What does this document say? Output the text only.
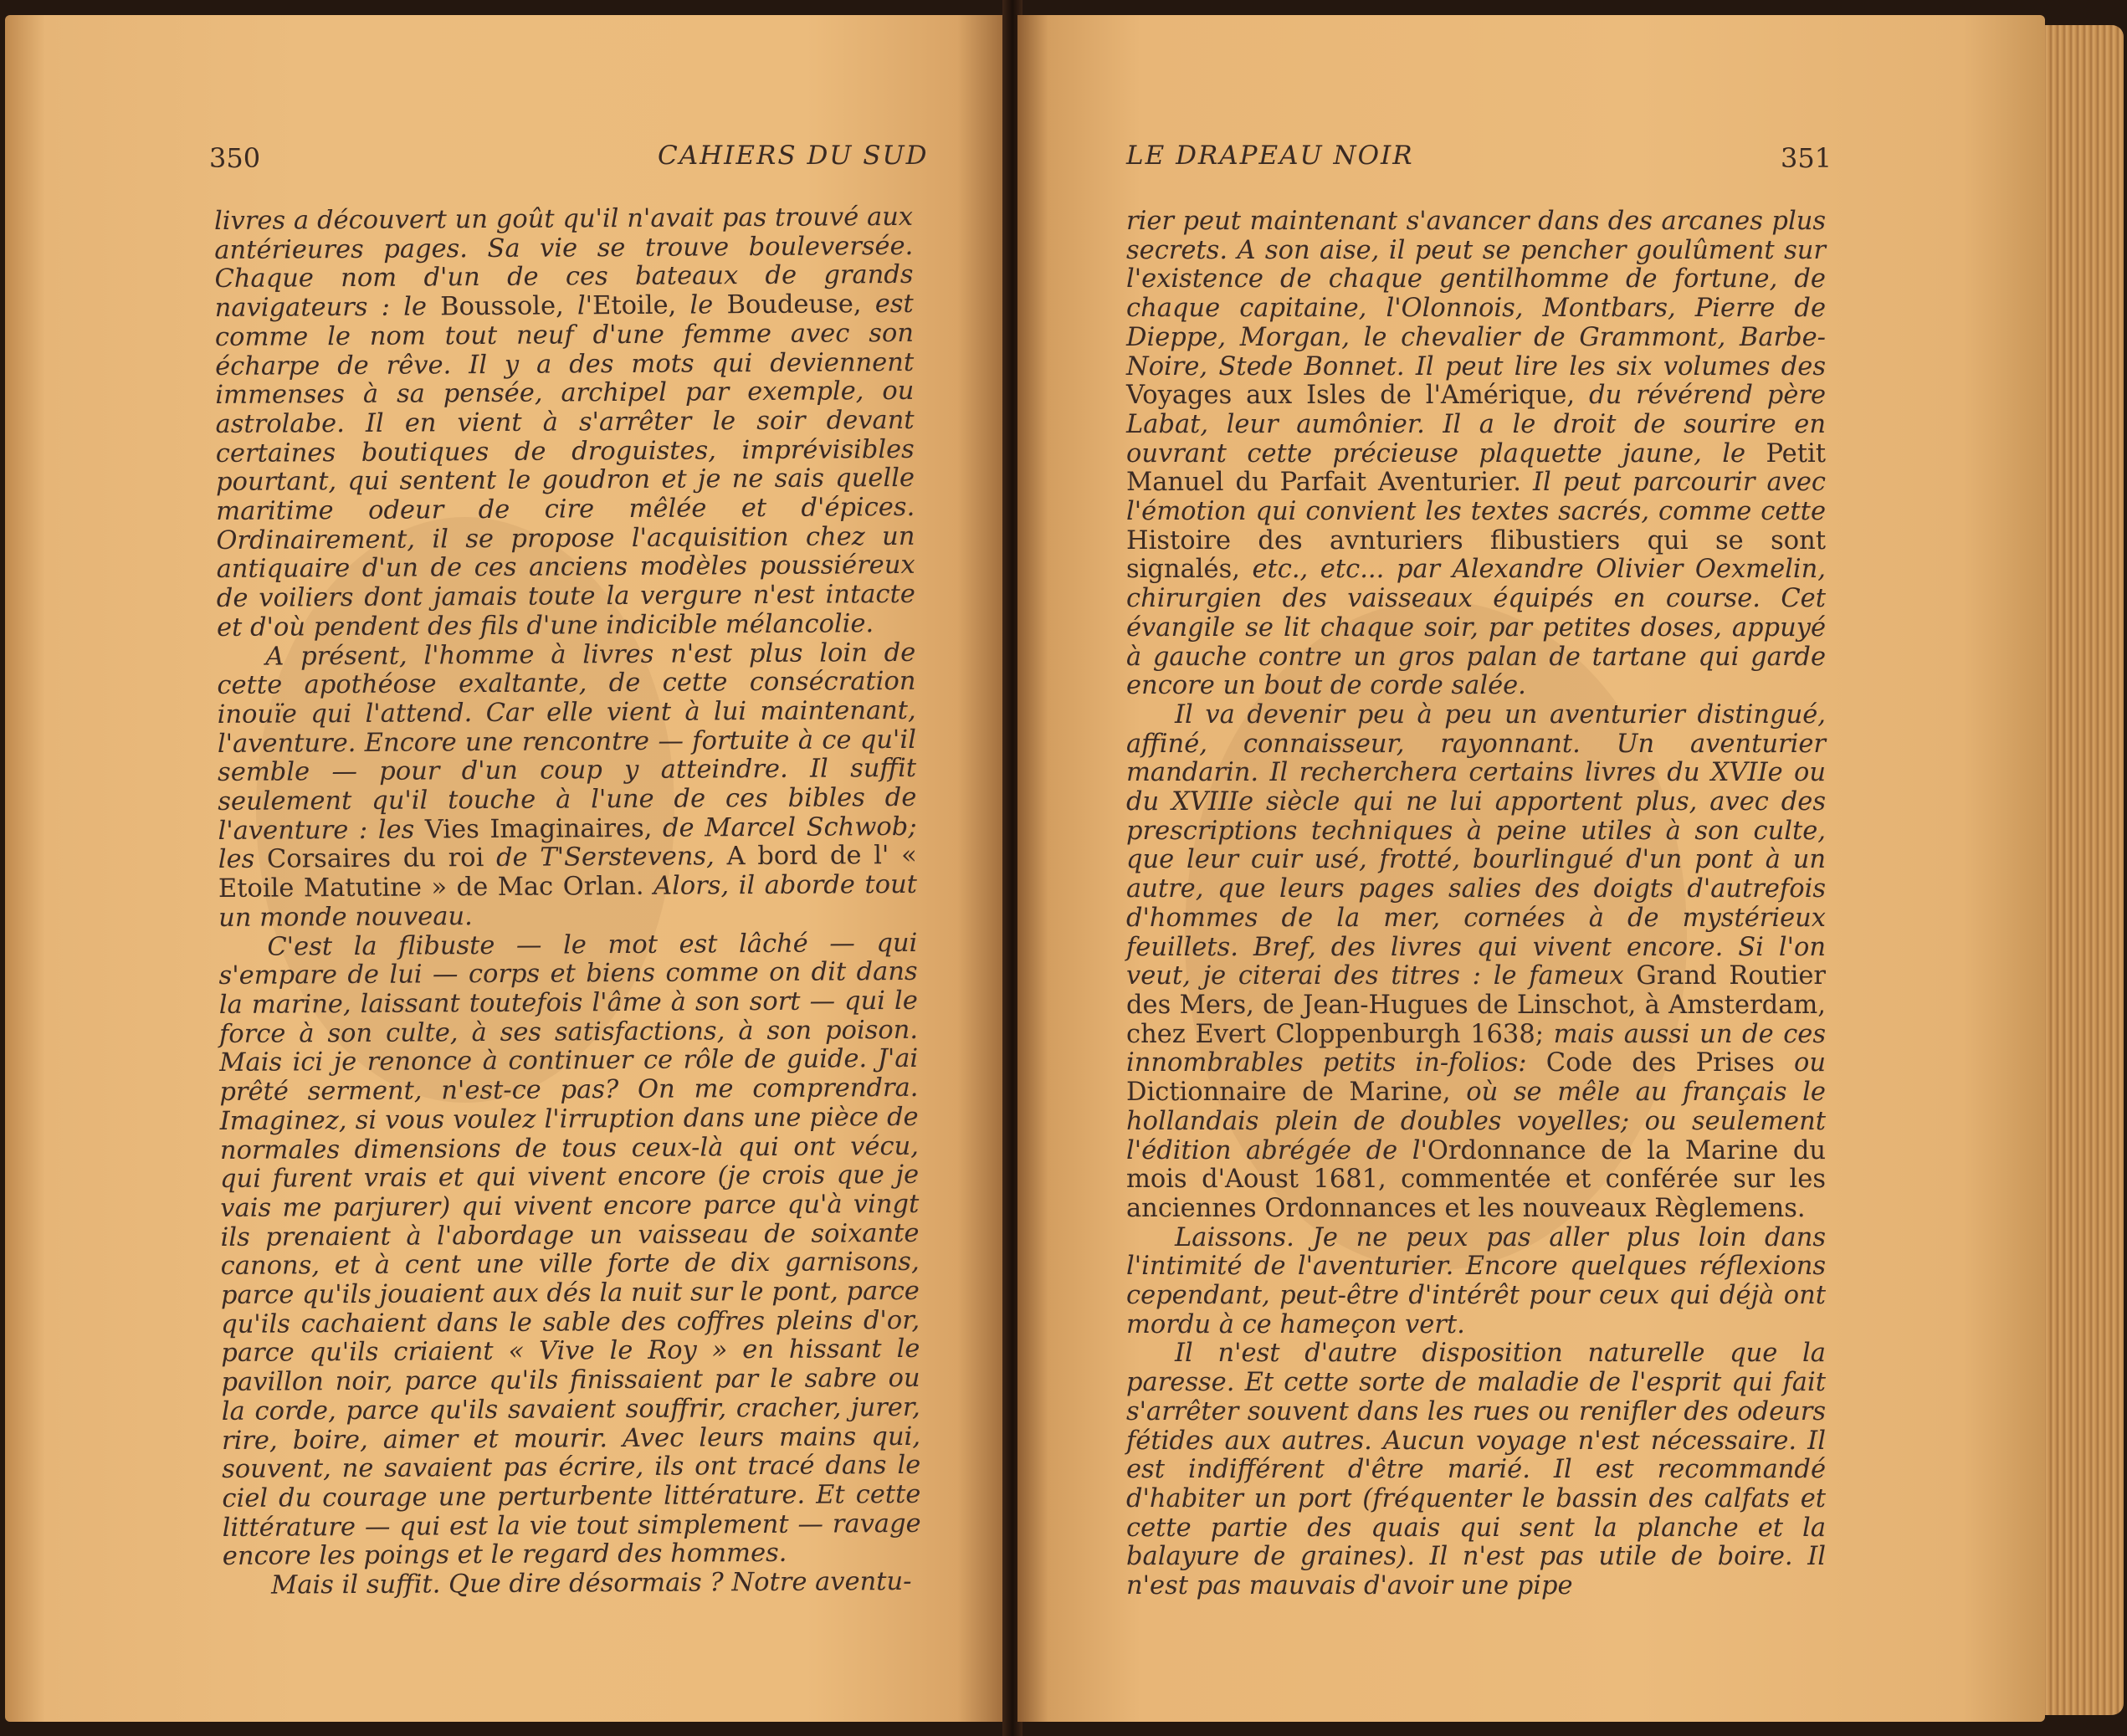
350	CAHIERS DU SUD

livres a découvert un goût qu'il n'avait pas trouvé aux antérieures pages. Sa vie se trouve bouleversée. Chaque nom d'un de ces bateaux de grands navigateurs : le Boussole, l'Etoile, le Boudeuse, est comme le nom tout neuf d'une femme avec son écharpe de rêve. Il y a des mots qui deviennent immenses à sa pensée, archipel par exemple, ou astrolabe. Il en vient à s'arrêter le soir devant certaines boutiques de droguistes, imprévisibles pourtant, qui sentent le goudron et je ne sais quelle maritime odeur de cire mêlée et d'épices. Ordinairement, il se propose l'acquisition chez un antiquaire d'un de ces anciens modèles poussiéreux de voiliers dont jamais toute la vergure n'est intacte et d'où pendent des fils d'une indicible mélancolie.

A présent, l'homme à livres n'est plus loin de cette apothéose exaltante, de cette consécration inouïe qui l'attend. Car elle vient à lui maintenant, l'aventure. Encore une rencontre — fortuite à ce qu'il semble — pour d'un coup y atteindre. Il suffit seulement qu'il touche à l'une de ces bibles de l'aventure : les Vies Imaginaires, de Marcel Schwob; les Corsaires du roi de T'Serstevens, A bord de l' « Etoile Matutine » de Mac Orlan. Alors, il aborde tout un monde nouveau.

C'est la flibuste — le mot est lâché — qui s'empare de lui — corps et biens comme on dit dans la marine, laissant toutefois l'âme à son sort — qui le force à son culte, à ses satisfactions, à son poison. Mais ici je renonce à continuer ce rôle de guide. J'ai prêté serment, n'est-ce pas? On me comprendra. Imaginez, si vous voulez l'irruption dans une pièce de normales dimensions de tous ceux-là qui ont vécu, qui furent vrais et qui vivent encore (je crois que je vais me parjurer) qui vivent encore parce qu'à vingt ils prenaient à l'abordage un vaisseau de soixante canons, et à cent une ville forte de dix garnisons, parce qu'ils jouaient aux dés la nuit sur le pont, parce qu'ils cachaient dans le sable des coffres pleins d'or, parce qu'ils criaient « Vive le Roy » en hissant le pavillon noir, parce qu'ils finissaient par le sabre ou la corde, parce qu'ils savaient souffrir, cracher, jurer, rire, boire, aimer et mourir. Avec leurs mains qui, souvent, ne savaient pas écrire, ils ont tracé dans le ciel du courage une perturbente littérature. Et cette littérature — qui est la vie tout simplement — ravage encore les poings et le regard des hommes.

Mais il suffit. Que dire désormais ? Notre aventu-

LE DRAPEAU NOIR	351

rier peut maintenant s'avancer dans des arcanes plus secrets. A son aise, il peut se pencher goulûment sur l'existence de chaque gentilhomme de fortune, de chaque capitaine, l'Olonnois, Montbars, Pierre de Dieppe, Morgan, le chevalier de Grammont, Barbe-Noire, Stede Bonnet. Il peut lire les six volumes des Voyages aux Isles de l'Amérique, du révérend père Labat, leur aumônier. Il a le droit de sourire en ouvrant cette précieuse plaquette jaune, le Petit Manuel du Parfait Aventurier. Il peut parcourir avec l'émotion qui convient les textes sacrés, comme cette Histoire des avnturiers flibustiers qui se sont signalés, etc., etc... par Alexandre Olivier Oexmelin, chirurgien des vaisseaux équipés en course. Cet évangile se lit chaque soir, par petites doses, appuyé à gauche contre un gros palan de tartane qui garde encore un bout de corde salée.

Il va devenir peu à peu un aventurier distingué, affiné, connaisseur, rayonnant. Un aventurier mandarin. Il recherchera certains livres du XVIIe ou du XVIIIe siècle qui ne lui apportent plus, avec des prescriptions techniques à peine utiles à son culte, que leur cuir usé, frotté, bourlingué d'un pont à un autre, que leurs pages salies des doigts d'autrefois d'hommes de la mer, cornées à de mystérieux feuillets. Bref, des livres qui vivent encore. Si l'on veut, je citerai des titres : le fameux Grand Routier des Mers, de Jean-Hugues de Linschot, à Amsterdam, chez Evert Cloppenburgh 1638; mais aussi un de ces innombrables petits in-folios: Code des Prises ou Dictionnaire de Marine, où se mêle au français le hollandais plein de doubles voyelles; ou seulement l'édition abrégée de l'Ordonnance de la Marine du mois d'Aoust 1681, commentée et conférée sur les anciennes Ordonnances et les nouveaux Règlemens.

Laissons. Je ne peux pas aller plus loin dans l'intimité de l'aventurier. Encore quelques réflexions cependant, peut-être d'intérêt pour ceux qui déjà ont mordu à ce hameçon vert.

Il n'est d'autre disposition naturelle que la paresse. Et cette sorte de maladie de l'esprit qui fait s'arrêter souvent dans les rues ou renifler des odeurs fétides aux autres. Aucun voyage n'est nécessaire. Il est indifférent d'être marié. Il est recommandé d'habiter un port (fréquenter le bassin des calfats et cette partie des quais qui sent la planche et la balayure de graines). Il n'est pas utile de boire. Il n'est pas mauvais d'avoir une pipe
